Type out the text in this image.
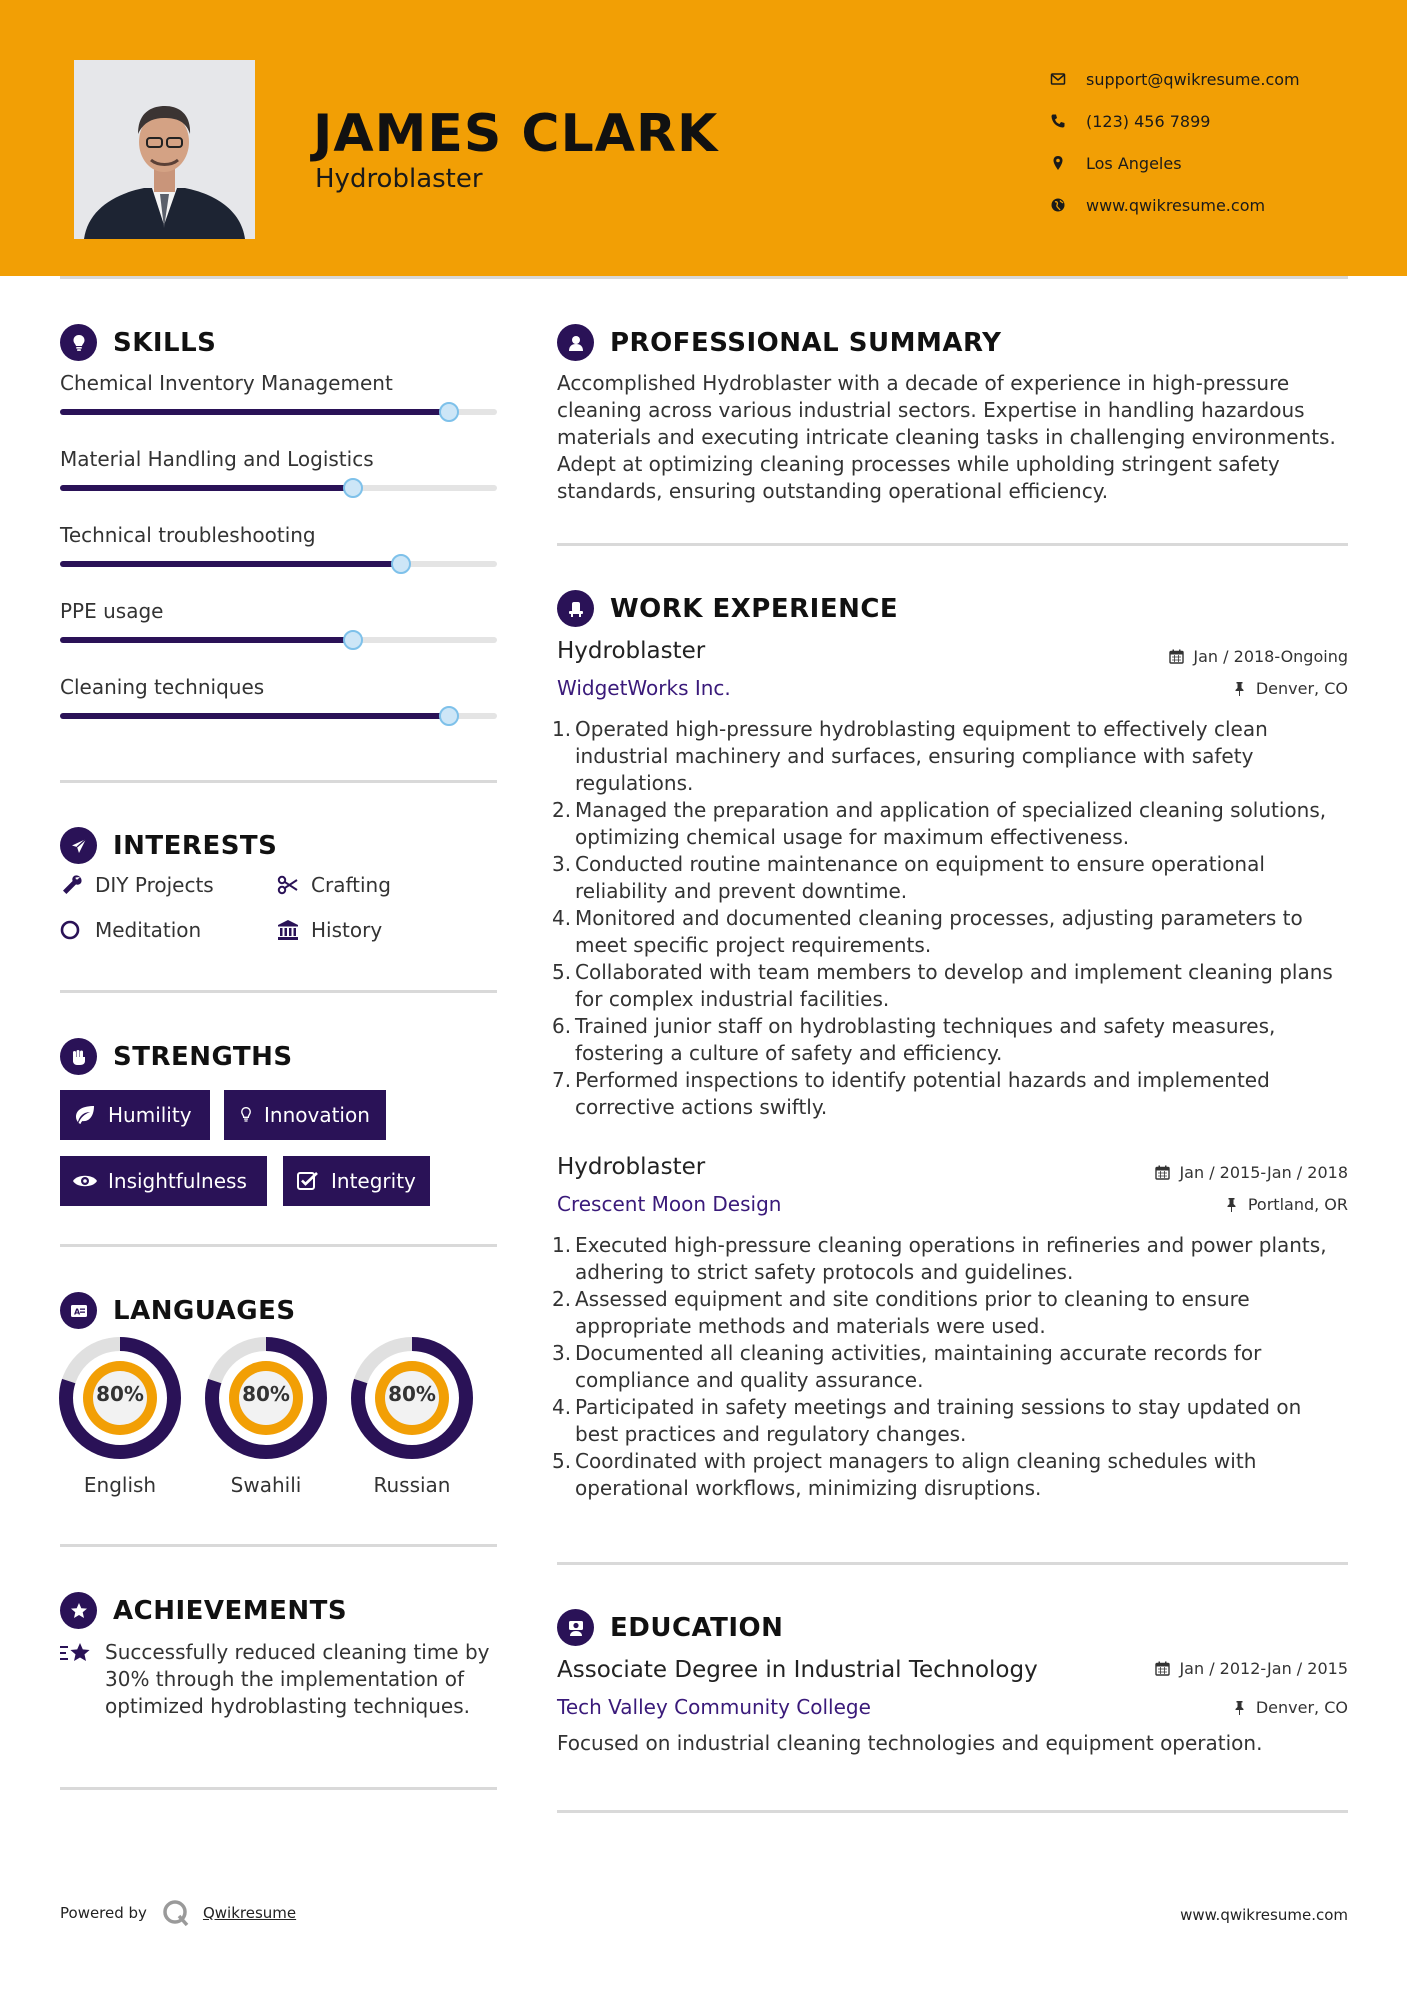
JAMES CLARK
Hydroblaster
support@qwikresume.com
(123) 456 7899
Los Angeles
www.qwikresume.com
SKILLS
Chemical Inventory Management
Material Handling and Logistics
Technical troubleshooting
PPE usage
Cleaning techniques
INTERESTS
DIY Projects	Crafting
Meditation	History
STRENGTHS
Humility	Innovation
Insightfulness	Integrity
A LANGUAGES
80%
English
80%
Swahili
80%
Russian
ACHIEVEMENTS
Successfully reduced cleaning time by 30% through the implementation of optimized hydroblasting techniques.
PROFESSIONAL SUMMARY
Accomplished Hydroblaster with a decade of experience in high-pressure cleaning across various industrial sectors. Expertise in handling hazardous materials and executing intricate cleaning tasks in challenging environments. Adept at optimizing cleaning processes while upholding stringent safety standards, ensuring outstanding operational efficiency.
WORK EXPERIENCE
Hydroblaster	Jan / 2018-Ongoing
WidgetWorks Inc.	Denver, CO
1. Operated high-pressure hydroblasting equipment to effectively clean industrial machinery and surfaces, ensuring compliance with safety regulations.
2. Managed the preparation and application of specialized cleaning solutions, optimizing chemical usage for maximum effectiveness.
3. Conducted routine maintenance on equipment to ensure operational reliability and prevent downtime.
4. Monitored and documented cleaning processes, adjusting parameters to meet specific project requirements.
5. Collaborated with team members to develop and implement cleaning plans for complex industrial facilities.
6. Trained junior staff on hydroblasting techniques and safety measures, fostering a culture of safety and efficiency.
7. Performed inspections to identify potential hazards and implemented corrective actions swiftly.
Hydroblaster	Jan / 2015-Jan / 2018
Crescent Moon Design	Portland, OR
1. Executed high-pressure cleaning operations in refineries and power plants, adhering to strict safety protocols and guidelines.
2. Assessed equipment and site conditions prior to cleaning to ensure appropriate methods and materials were used.
3. Documented all cleaning activities, maintaining accurate records for compliance and quality assurance.
4. Participated in safety meetings and training sessions to stay updated on best practices and regulatory changes.
5. Coordinated with project managers to align cleaning schedules with operational workflows, minimizing disruptions.
EDUCATION
Associate Degree in Industrial Technology	Jan / 2012-Jan / 2015
Tech Valley Community College	Denver, CO
Focused on industrial cleaning technologies and equipment operation.
Powered by	Qwikresume	www.qwikresume.com
